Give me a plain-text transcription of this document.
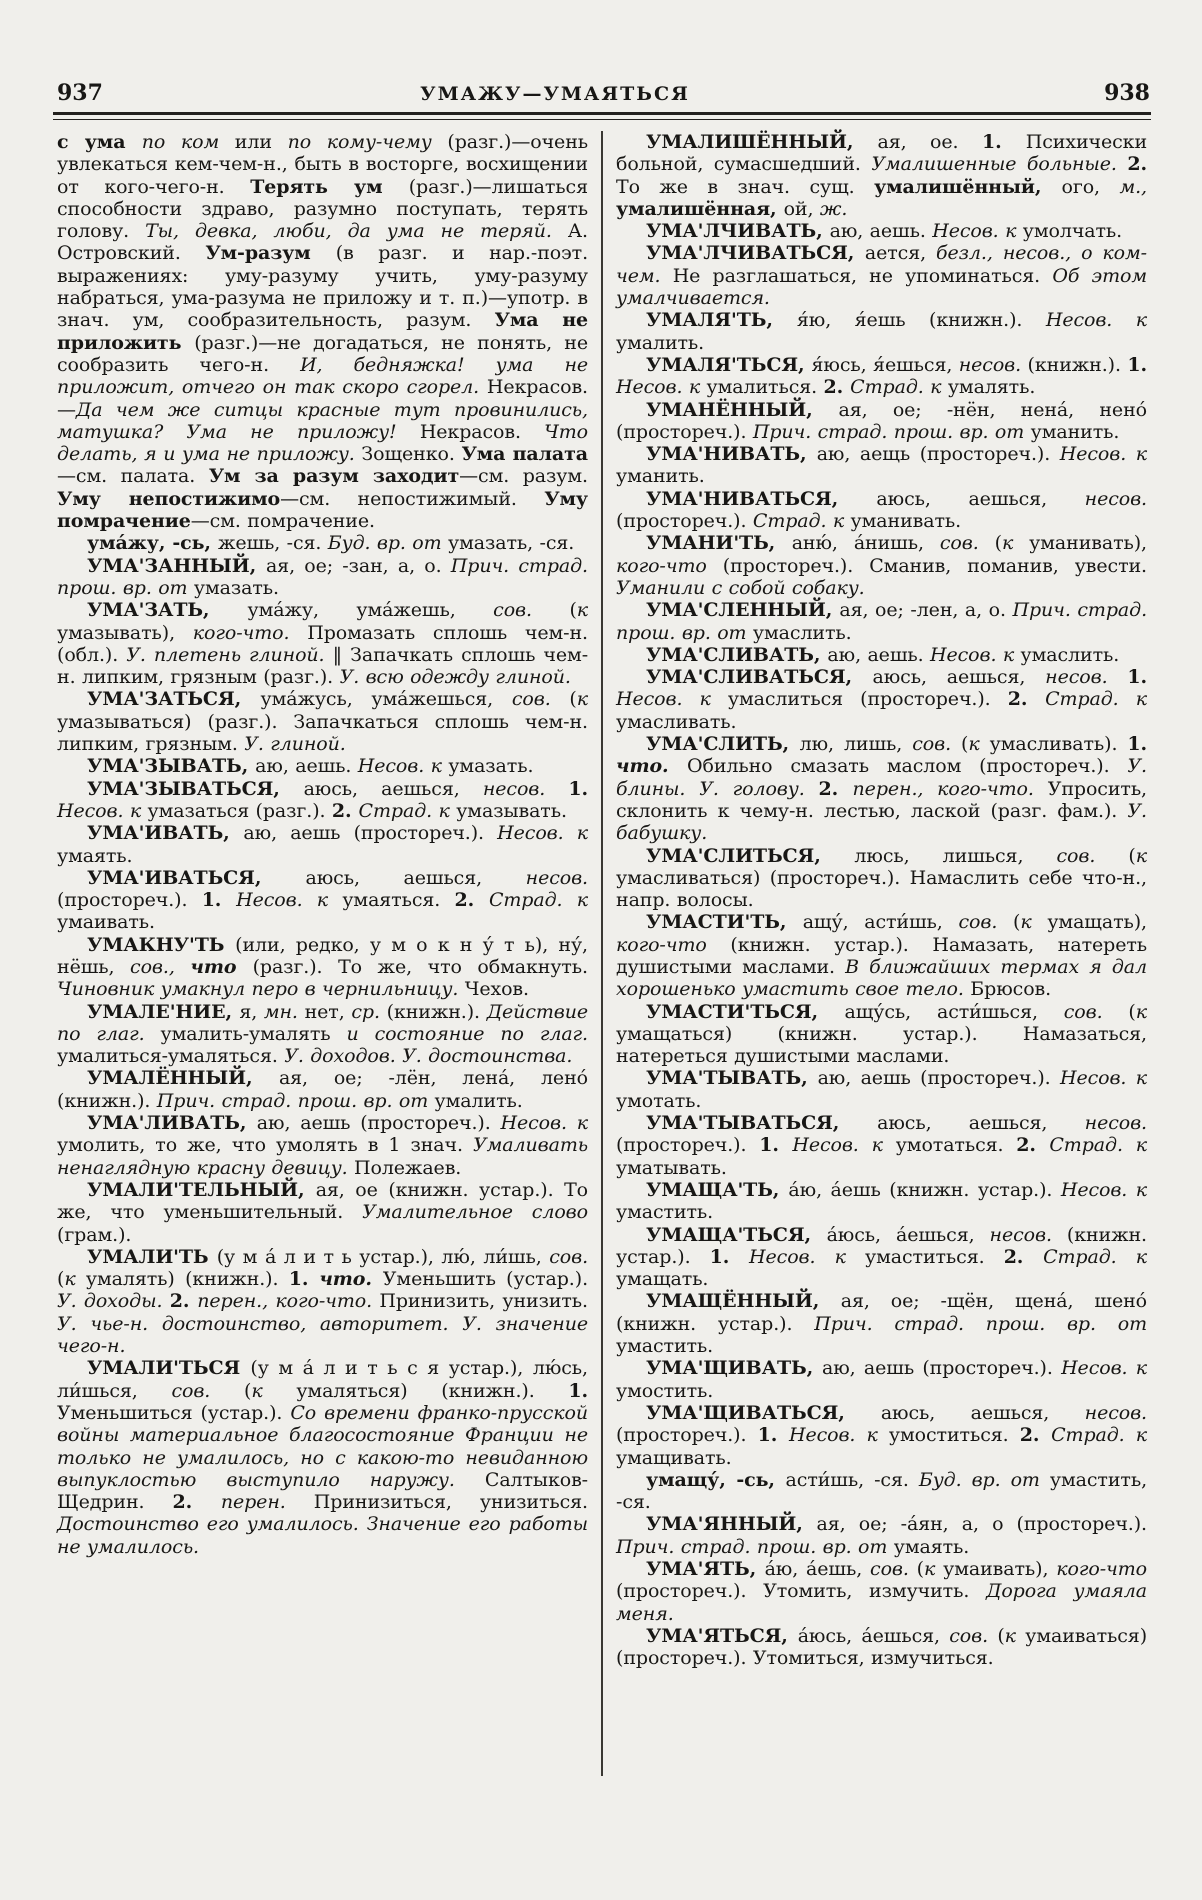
937	УМАЖУ—УМАЯТЬСЯ	938

с ума по ком или по кому-чему (разг.)—очень увлекаться кем-чем-н., быть в восторге, восхищении от кого-чего-н. Терять ум (разг.)—лишаться способности здраво, разумно поступать, терять голову. Ты, девка, люби, да ума не теряй. А. Островский. Ум-разум (в разг. и нар.-поэт. выражениях: уму-разуму учить, уму-разуму набраться, ума-разума не приложу и т. п.)—употр. в знач. ум, сообразительность, разум. Ума не приложить (разг.)—не догадаться, не понять, не сообразить чего-н. И, бедняжка! ума не приложит, отчего он так скоро сгорел. Некрасов.—Да чем же ситцы красные тут провинились, матушка? Ума не приложу! Некрасов. Что делать, я и ума не приложу. Зощенко. Ума палата—см. палата. Ум за разум заходит—см. разум. Уму непостижимо—см. непостижимый. Уму помрачение—см. помрачение.

ума́жу, -сь, жешь, -ся. Буд. вр. от умазать, -ся.

УМА'ЗАННЫЙ, ая, ое; -зан, а, о. Прич. страд. прош. вр. от умазать.

УМА'ЗАТЬ, ума́жу, ума́жешь, сов. (к умазывать), кого-что. Промазать сплошь чем-н. (обл.). У. плетень глиной. ‖ Запачкать сплошь чем-н. липким, грязным (разг.). У. всю одежду глиной.

УМА'ЗАТЬСЯ, ума́жусь, ума́жешься, сов. (к умазываться) (разг.). Запачкаться сплошь чем-н. липким, грязным. У. глиной.

УМА'ЗЫВАТЬ, аю, аешь. Несов. к умазать.

УМА'ЗЫВАТЬСЯ, аюсь, аешься, несов. 1. Несов. к умазаться (разг.). 2. Страд. к умазывать.

УМА'ИВАТЬ, аю, аешь (простореч.). Несов. к умаять.

УМА'ИВАТЬСЯ, аюсь, аешься, несов. (простореч.). 1. Несов. к умаяться. 2. Страд. к умаивать.

УМАКНУ'ТЬ (или, редко, у м о к н у́ т ь), ну́, нёшь, сов., что (разг.). То же, что обмакнуть. Чиновник умакнул перо в чернильницу. Чехов.

УМАЛЕ'НИЕ, я, мн. нет, ср. (книжн.). Действие по глаг. умалить-умалять и состояние по глаг. умалиться-умаляться. У. доходов. У. достоинства.

УМАЛЁННЫЙ, ая, ое; -лён, лена́, лено́ (книжн.). Прич. страд. прош. вр. от умалить.

УМА'ЛИВАТЬ, аю, аешь (простореч.). Несов. к умолить, то же, что умолять в 1 знач. Умаливать ненаглядную красну девицу. Полежаев.

УМАЛИ'ТЕЛЬНЫЙ, ая, ое (книжн. устар.). То же, что уменьшительный. Умалительное слово (грам.).

УМАЛИ'ТЬ (у м а́ л и т ь устар.), лю́, ли́шь, сов. (к умалять) (книжн.). 1. что. Уменьшить (устар.). У. доходы. 2. перен., кого-что. Принизить, унизить. У. чье-н. достоинство, авторитет. У. значение чего-н.

УМАЛИ'ТЬСЯ (у м а́ л и т ь с я устар.), лю́сь, ли́шься, сов. (к умаляться) (книжн.). 1. Уменьшиться (устар.). Со времени франко-прусской войны материальное благосостояние Франции не только не умалилось, но с какою-то невиданною выпуклостью выступило наружу. Салтыков-Щедрин. 2. перен. Принизиться, унизиться. Достоинство его умалилось. Значение его работы не умалилось.

УМАЛИШЁННЫЙ, ая, ое. 1. Психически больной, сумасшедший. Умалишенные больные. 2. То же в знач. сущ. умалишённый, ого, м., умалишённая, ой, ж.

УМА'ЛЧИВАТЬ, аю, аешь. Несов. к умолчать.

УМА'ЛЧИВАТЬСЯ, ается, безл., несов., о ком-чем. Не разглашаться, не упоминаться. Об этом умалчивается.

УМАЛЯ'ТЬ, я́ю, я́ешь (книжн.). Несов. к умалить.

УМАЛЯ'ТЬСЯ, я́юсь, я́ешься, несов. (книжн.). 1. Несов. к умалиться. 2. Страд. к умалять.

УМАНЁННЫЙ, ая, ое; -нён, нена́, нено́ (простореч.). Прич. страд. прош. вр. от уманить.

УМА'НИВАТЬ, аю, аещь (простореч.). Несов. к уманить.

УМА'НИВАТЬСЯ, аюсь, аешься, несов. (простореч.). Страд. к уманивать.

УМАНИ'ТЬ, аню́, а́нишь, сов. (к уманивать), кого-что (простореч.). Сманив, поманив, увести. Уманили с собой собаку.

УМА'СЛЕННЫЙ, ая, ое; -лен, а, о. Прич. страд. прош. вр. от умаслить.

УМА'СЛИВАТЬ, аю, аешь. Несов. к умаслить.

УМА'СЛИВАТЬСЯ, аюсь, аешься, несов. 1. Несов. к умаслиться (простореч.). 2. Страд. к умасливать.

УМА'СЛИТЬ, лю, лишь, сов. (к умасливать). 1. что. Обильно смазать маслом (простореч.). У. блины. У. голову. 2. перен., кого-что. Упросить, склонить к чему-н. лестью, лаской (разг. фам.). У. бабушку.

УМА'СЛИТЬСЯ, люсь, лишься, сов. (к умасливаться) (простореч.). Намаслить себе что-н., напр. волосы.

УМАСТИ'ТЬ, ащу́, асти́шь, сов. (к умащать), кого-что (книжн. устар.). Намазать, натереть душистыми маслами. В ближайших термах я дал хорошенько умастить свое тело. Брюсов.

УМАСТИ'ТЬСЯ, ащу́сь, асти́шься, сов. (к умащаться) (книжн. устар.). Намазаться, натереться душистыми маслами.

УМА'ТЫВАТЬ, аю, аешь (простореч.). Несов. к умотать.

УМА'ТЫВАТЬСЯ, аюсь, аешься, несов. (простореч.). 1. Несов. к умотаться. 2. Страд. к уматывать.

УМАЩА'ТЬ, а́ю, а́ешь (книжн. устар.). Несов. к умастить.

УМАЩА'ТЬСЯ, а́юсь, а́ешься, несов. (книжн. устар.). 1. Несов. к умаститься. 2. Страд. к умащать.

УМАЩЁННЫЙ, ая, ое; -щён, щена́, шено́ (книжн. устар.). Прич. страд. прош. вр. от умастить.

УМА'ЩИВАТЬ, аю, аешь (простореч.). Несов. к умостить.

УМА'ЩИВАТЬСЯ, аюсь, аешься, несов. (простореч.). 1. Несов. к умоститься. 2. Страд. к умащивать.

умащу́, -сь, асти́шь, -ся. Буд. вр. от умастить, -ся.

УМА'ЯННЫЙ, ая, ое; -а́ян, а, о (простореч.). Прич. страд. прош. вр. от умаять.

УМА'ЯТЬ, а́ю, а́ешь, сов. (к умаивать), кого-что (простореч.). Утомить, измучить. Дорога умаяла меня.

УМА'ЯТЬСЯ, а́юсь, а́ешься, сов. (к умаиваться) (простореч.). Утомиться, измучиться.
